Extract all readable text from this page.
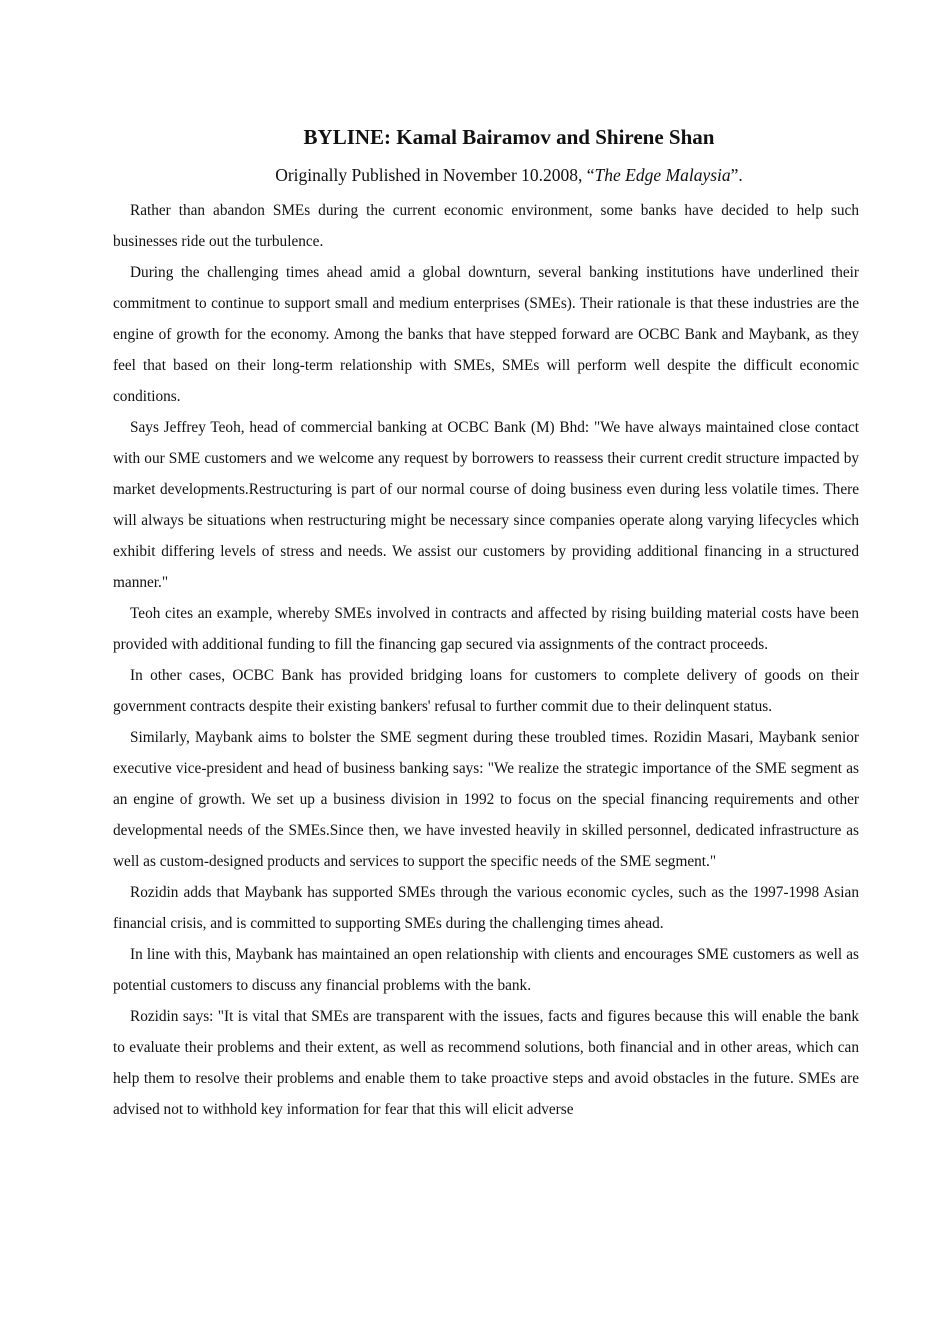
BYLINE: Kamal Bairamov and Shirene Shan
Originally Published in November 10.2008, “The Edge Malaysia”.

Rather than abandon SMEs during the current economic environment, some banks have decided to help such businesses ride out the turbulence.

During the challenging times ahead amid a global downturn, several banking institutions have underlined their commitment to continue to support small and medium enterprises (SMEs). Their rationale is that these industries are the engine of growth for the economy. Among the banks that have stepped forward are OCBC Bank and Maybank, as they feel that based on their long-term relationship with SMEs, SMEs will perform well despite the difficult economic conditions.

Says Jeffrey Teoh, head of commercial banking at OCBC Bank (M) Bhd: "We have always maintained close contact with our SME customers and we welcome any request by borrowers to reassess their current credit structure impacted by market developments.Restructuring is part of our normal course of doing business even during less volatile times. There will always be situations when restructuring might be necessary since companies operate along varying lifecycles which exhibit differing levels of stress and needs. We assist our customers by providing additional financing in a structured manner."

Teoh cites an example, whereby SMEs involved in contracts and affected by rising building material costs have been provided with additional funding to fill the financing gap secured via assignments of the contract proceeds.

In other cases, OCBC Bank has provided bridging loans for customers to complete delivery of goods on their government contracts despite their existing bankers' refusal to further commit due to their delinquent status.

Similarly, Maybank aims to bolster the SME segment during these troubled times. Rozidin Masari, Maybank senior executive vice-president and head of business banking says: "We realize the strategic importance of the SME segment as an engine of growth. We set up a business division in 1992 to focus on the special financing requirements and other developmental needs of the SMEs.Since then, we have invested heavily in skilled personnel, dedicated infrastructure as well as custom-designed products and services to support the specific needs of the SME segment."

Rozidin adds that Maybank has supported SMEs through the various economic cycles, such as the 1997-1998 Asian financial crisis, and is committed to supporting SMEs during the challenging times ahead.

In line with this, Maybank has maintained an open relationship with clients and encourages SME customers as well as potential customers to discuss any financial problems with the bank.

Rozidin says: "It is vital that SMEs are transparent with the issues, facts and figures because this will enable the bank to evaluate their problems and their extent, as well as recommend solutions, both financial and in other areas, which can help them to resolve their problems and enable them to take proactive steps and avoid obstacles in the future. SMEs are advised not to withhold key information for fear that this will elicit adverse
